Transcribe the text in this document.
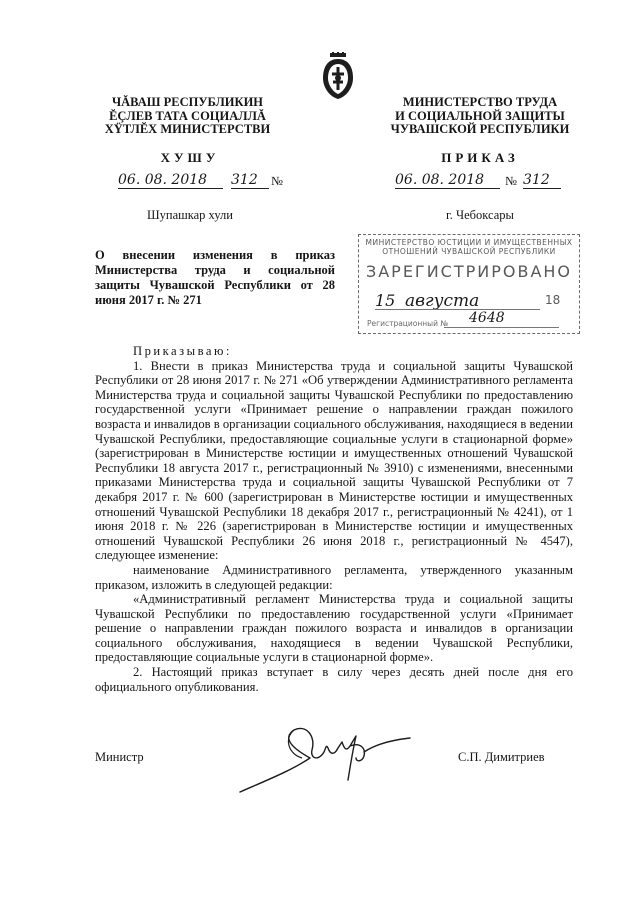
ЧĂВАШ РЕСПУБЛИКИН
ĔÇЛЕВ ТАТА СОЦИАЛЛĂ
ХŸТЛĔХ МИНИСТЕРСТВИ
ХУШУ
06. 08. 2018	312	№
Шупашкар хули
МИНИСТЕРСТВО ТРУДА
И СОЦИАЛЬНОЙ ЗАЩИТЫ
ЧУВАШСКОЙ РЕСПУБЛИКИ
ПРИКАЗ
06. 08. 2018	№ 312
г. Чебоксары
О внесении изменения в приказ Министерства труда и социальной защиты Чувашской Республики от 28 июня 2017 г. № 271
МИНИСТЕРСТВО ЮСТИЦИИ И ИМУЩЕСТВЕННЫХ
ОТНОШЕНИЙ ЧУВАШСКОЙ РЕСПУБЛИКИ
ЗАРЕГИСТРИРОВАНО
15 августа	18
Регистрационный № 4648

Приказываю:

1. Внести в приказ Министерства труда и социальной защиты Чувашской Республики от 28 июня 2017 г. № 271 «Об утверждении Административного регламента Министерства труда и социальной защиты Чувашской Республики по предоставлению государственной услуги «Принимает решение о направлении граждан пожилого возраста и инвалидов в организации социального обслуживания, находящиеся в ведении Чувашской Республики, предоставляющие социальные услуги в стационарной форме» (зарегистрирован в Министерстве юстиции и имущественных отношений Чувашской Республики 18 августа 2017 г., регистрационный № 3910) с изменениями, внесенными приказами Министерства труда и социальной защиты Чувашской Республики от 7 декабря 2017 г. № 600 (зарегистрирован в Министерстве юстиции и имущественных отношений Чувашской Республики 18 декабря 2017 г., регистрационный № 4241), от 1 июня 2018 г. № 226 (зарегистрирован в Министерстве юстиции и имущественных отношений Чувашской Республики 26 июня 2018 г., регистрационный № 4547), следующее изменение:

наименование Административного регламента, утвержденного указанным приказом, изложить в следующей редакции:

«Административный регламент Министерства труда и социальной защиты Чувашской Республики по предоставлению государственной услуги «Принимает решение о направлении граждан пожилого возраста и инвалидов в организации социального обслуживания, находящиеся в ведении Чувашской Республики, предоставляющие социальные услуги в стационарной форме».

2. Настоящий приказ вступает в силу через десять дней после дня его официального опубликования.

Министр	С.П. Димитриев
